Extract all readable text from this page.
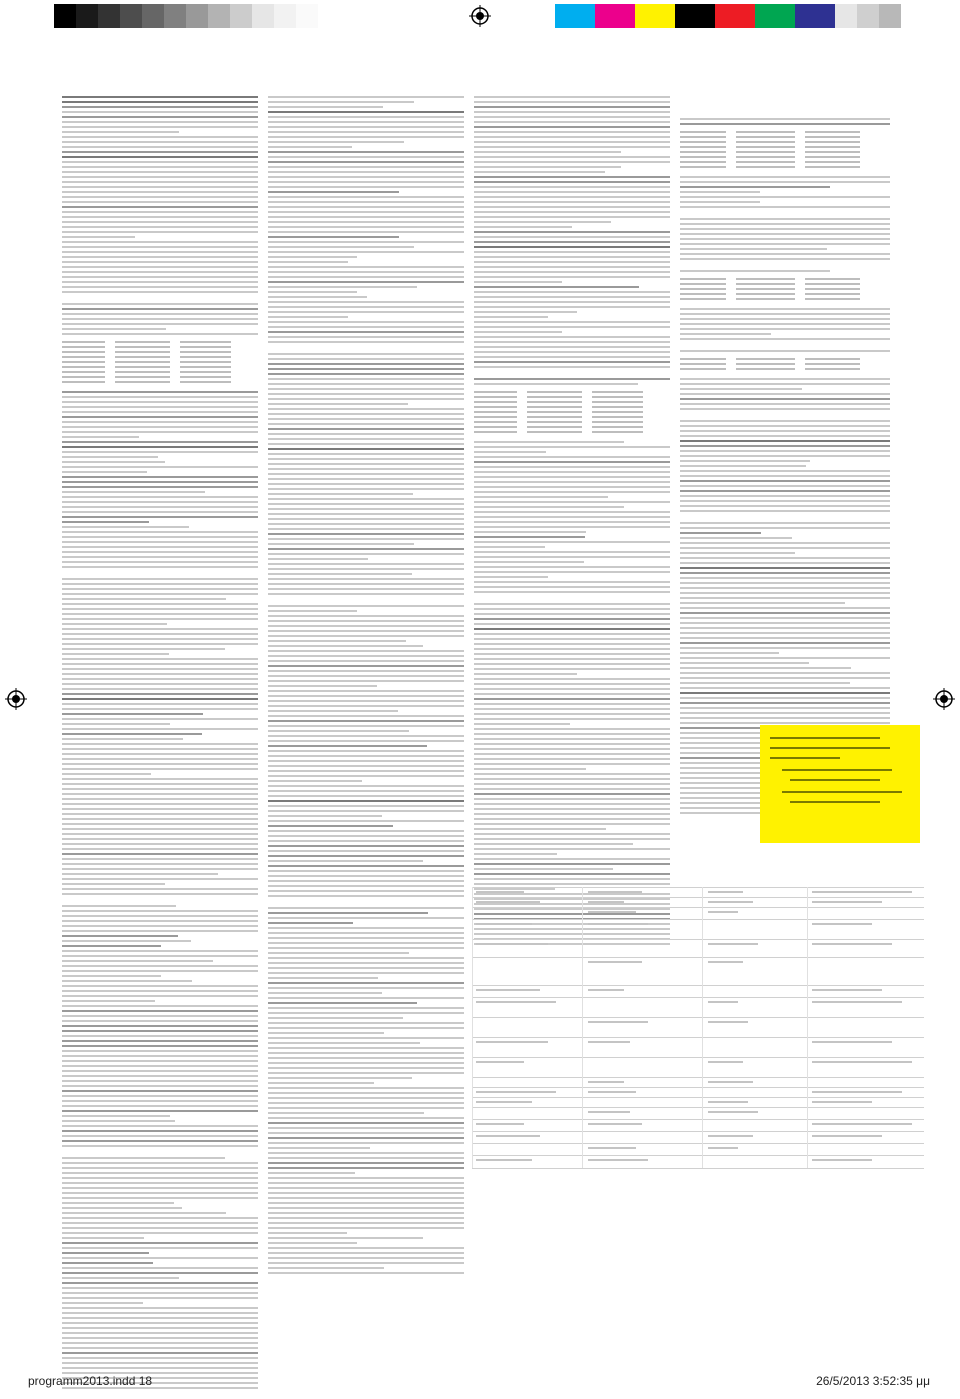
programm2013.indd 18	26/5/2013 3:52:35 μμ
